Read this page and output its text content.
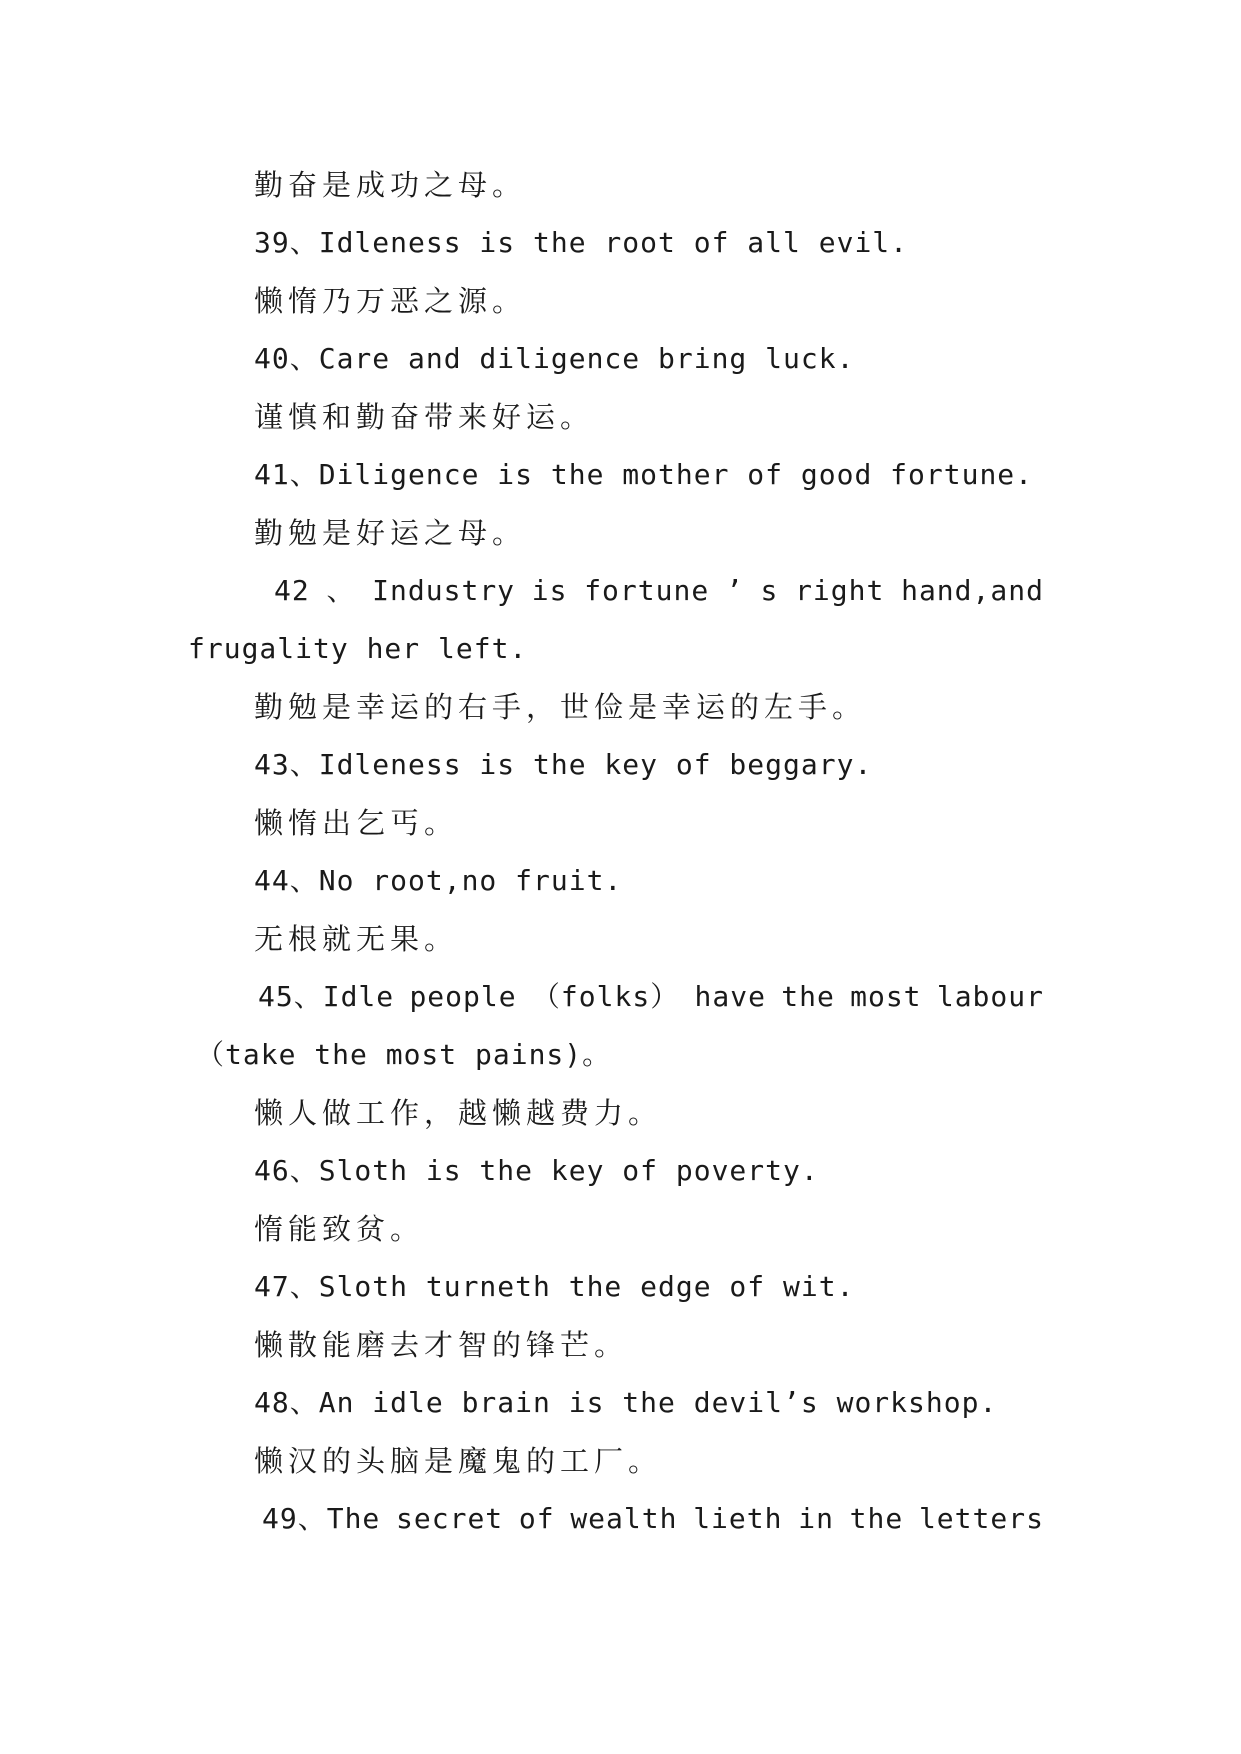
勤奋是成功之母。
39、Idleness is the root of all evil.
懒惰乃万恶之源。
40、Care and diligence bring luck.
谨慎和勤奋带来好运。
41、Diligence is the mother of good fortune.
勤勉是好运之母。
42 、 Industry is fortune ’ s right hand,and
frugality her left.
勤勉是幸运的右手，世俭是幸运的左手。
43、Idleness is the key of beggary.
懒惰出乞丐。
44、No root,no fruit.
无根就无果。
45、Idle people （folks） have the most labour
（take the most pains)。
懒人做工作，越懒越费力。
46、Sloth is the key of poverty.
惰能致贫。
47、Sloth turneth the edge of wit.
懒散能磨去才智的锋芒。
48、An idle brain is the devil’s workshop.
懒汉的头脑是魔鬼的工厂。
49、The secret of wealth lieth in the letters
